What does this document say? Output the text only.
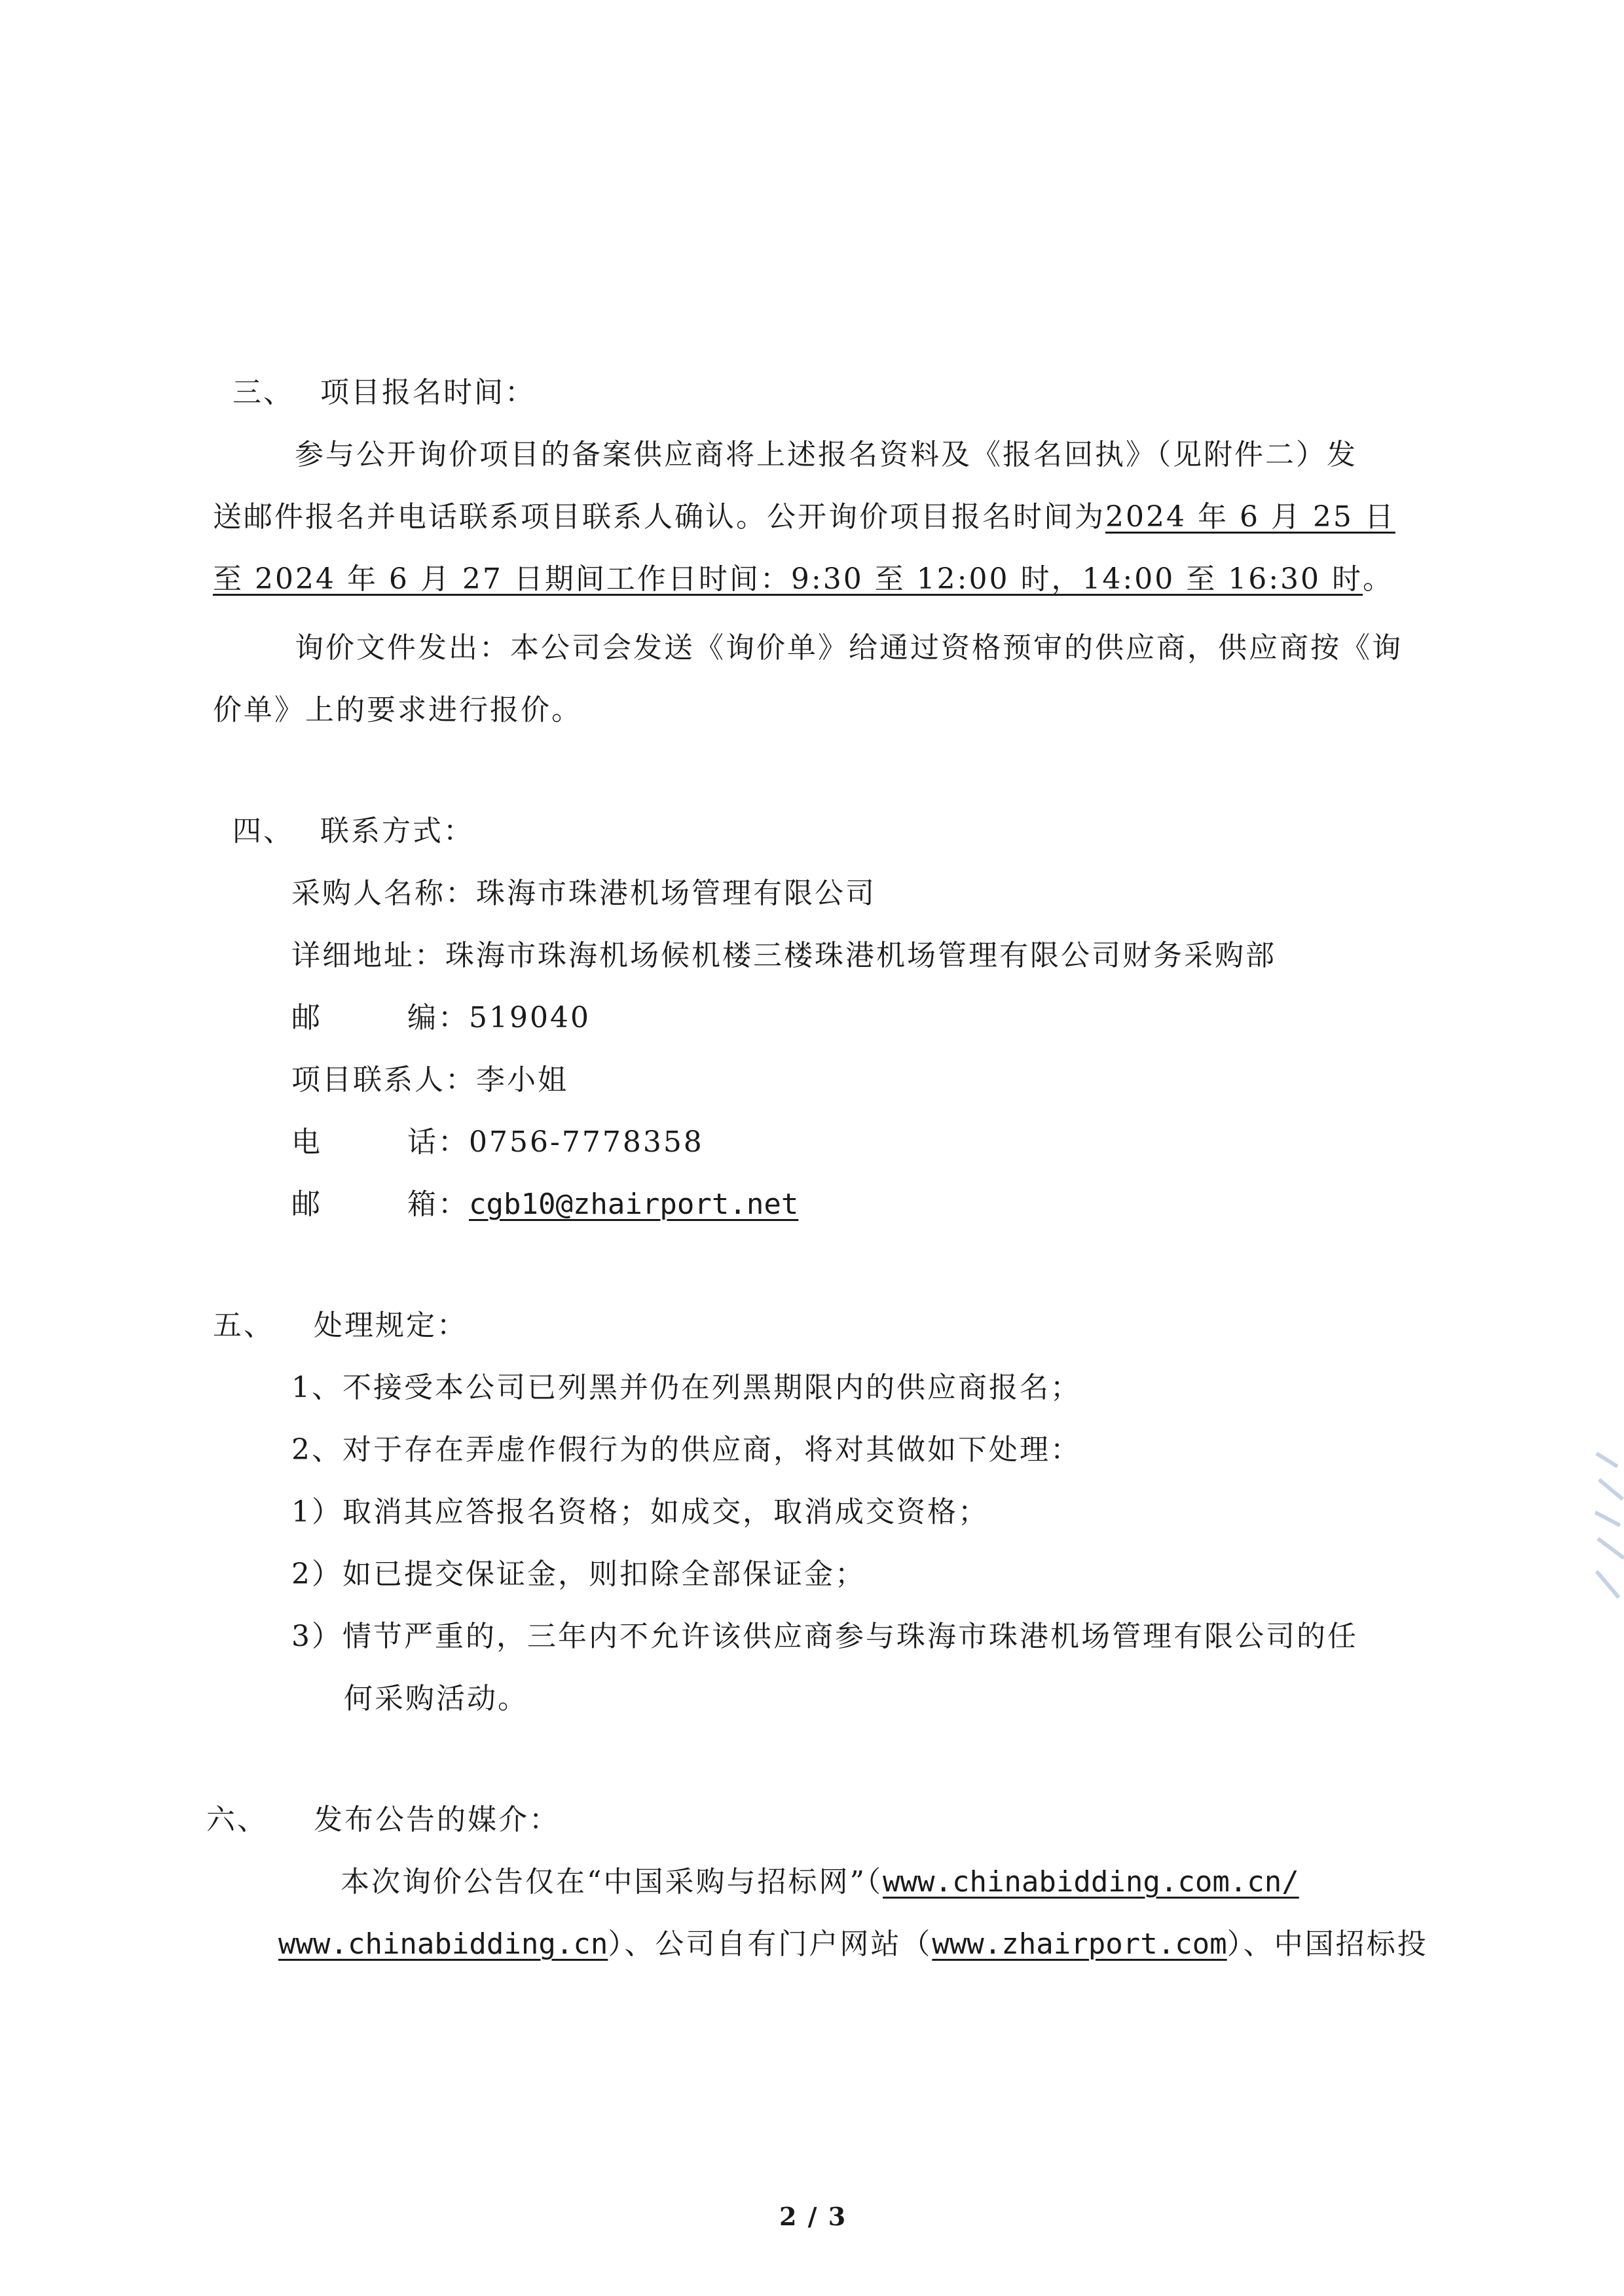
三、 项目报名时间：
参与公开询价项目的备案供应商将上述报名资料及《报名回执》（见附件二）发
送邮件报名并电话联系项目联系人确认。公开询价项目报名时间为2024 年 6 月 25 日
至 2024 年 6 月 27 日期间工作日时间：9:30 至 12:00 时，14:00 至 16:30 时。
询价文件发出：本公司会发送《询价单》给通过资格预审的供应商，供应商按《询
价单》上的要求进行报价。
四、 联系方式：
采购人名称：珠海市珠港机场管理有限公司
详细地址：珠海市珠海机场候机楼三楼珠港机场管理有限公司财务采购部
邮	编：519040
项目联系人：李小姐
电	话：0756-7778358
邮	箱：cgb10@zhairport.net
五、 处理规定：
1、不接受本公司已列黑并仍在列黑期限内的供应商报名；
2、对于存在弄虚作假行为的供应商，将对其做如下处理：
1）取消其应答报名资格；如成交，取消成交资格；
2）如已提交保证金，则扣除全部保证金；
3）情节严重的，三年内不允许该供应商参与珠海市珠港机场管理有限公司的任
何采购活动。
六、 发布公告的媒介：
本次询价公告仅在“中国采购与招标网”（www.chinabidding.com.cn/
www.chinabidding.cn）、公司自有门户网站（www.zhairport.com）、中国招标投
2 / 3
